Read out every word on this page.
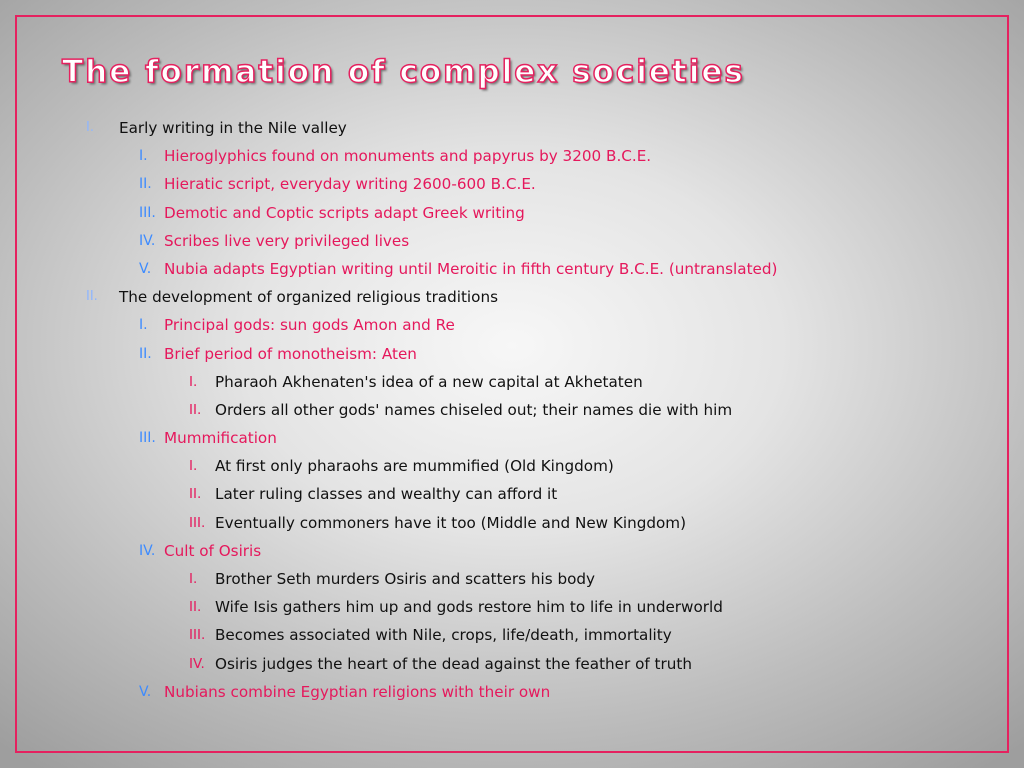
The formation of complex societies
I. Early writing in the Nile valley
I. Hieroglyphics found on monuments and papyrus by 3200 B.C.E.
II. Hieratic script, everyday writing 2600-600 B.C.E.
III. Demotic and Coptic scripts adapt Greek writing
IV. Scribes live very privileged lives
V. Nubia adapts Egyptian writing until Meroitic in fifth century B.C.E. (untranslated)
II. The development of organized religious traditions
I. Principal gods: sun gods Amon and Re
II. Brief period of monotheism: Aten
I. Pharaoh Akhenaten's idea of a new capital at Akhetaten
II. Orders all other gods' names chiseled out; their names die with him
III. Mummification
I. At first only pharaohs are mummified (Old Kingdom)
II. Later ruling classes and wealthy can afford it
III. Eventually commoners have it too (Middle and New Kingdom)
IV. Cult of Osiris
I. Brother Seth murders Osiris and scatters his body
II. Wife Isis gathers him up and gods restore him to life in underworld
III. Becomes associated with Nile, crops, life/death, immortality
IV. Osiris judges the heart of the dead against the feather of truth
V. Nubians combine Egyptian religions with their own
